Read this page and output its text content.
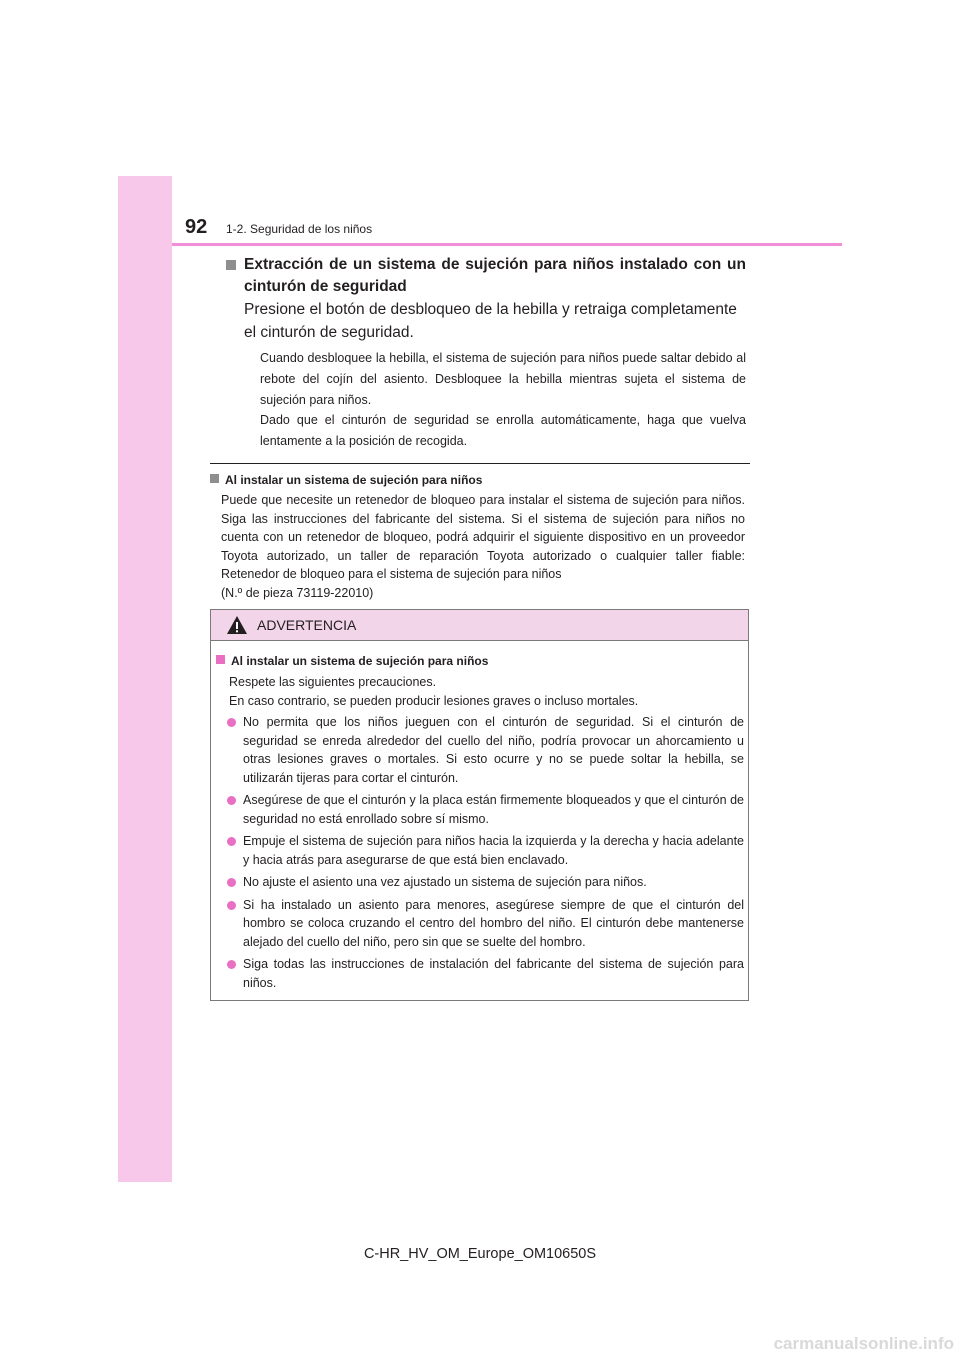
92 1-2. Seguridad de los niños
Extracción de un sistema de sujeción para niños instalado con un cinturón de seguridad
Presione el botón de desbloqueo de la hebilla y retraiga completamente el cinturón de seguridad.
Cuando desbloquee la hebilla, el sistema de sujeción para niños puede saltar debido al rebote del cojín del asiento. Desbloquee la hebilla mientras sujeta el sistema de sujeción para niños.
Dado que el cinturón de seguridad se enrolla automáticamente, haga que vuelva lentamente a la posición de recogida.
Al instalar un sistema de sujeción para niños

Puede que necesite un retenedor de bloqueo para instalar el sistema de sujeción para niños. Siga las instrucciones del fabricante del sistema. Si el sistema de sujeción para niños no cuenta con un retenedor de bloqueo, podrá adquirir el siguiente dispositivo en un proveedor Toyota autorizado, un taller de reparación Toyota autorizado o cualquier taller fiable: Retenedor de bloqueo para el sistema de sujeción para niños

(N.º de pieza 73119-22010)

ADVERTENCIA
Al instalar un sistema de sujeción para niños

Respete las siguientes precauciones.

En caso contrario, se pueden producir lesiones graves o incluso mortales.

No permita que los niños jueguen con el cinturón de seguridad. Si el cinturón de seguridad se enreda alrededor del cuello del niño, podría provocar un ahorcamiento u otras lesiones graves o mortales. Si esto ocurre y no se puede soltar la hebilla, se utilizarán tijeras para cortar el cinturón.
Asegúrese de que el cinturón y la placa están firmemente bloqueados y que el cinturón de seguridad no está enrollado sobre sí mismo.
Empuje el sistema de sujeción para niños hacia la izquierda y la derecha y hacia adelante y hacia atrás para asegurarse de que está bien enclavado.
No ajuste el asiento una vez ajustado un sistema de sujeción para niños.
Si ha instalado un asiento para menores, asegúrese siempre de que el cinturón del hombro se coloca cruzando el centro del hombro del niño. El cinturón debe mantenerse alejado del cuello del niño, pero sin que se suelte del hombro.
Siga todas las instrucciones de instalación del fabricante del sistema de sujeción para niños.
C-HR_HV_OM_Europe_OM10650S
carmanualsonline.info
